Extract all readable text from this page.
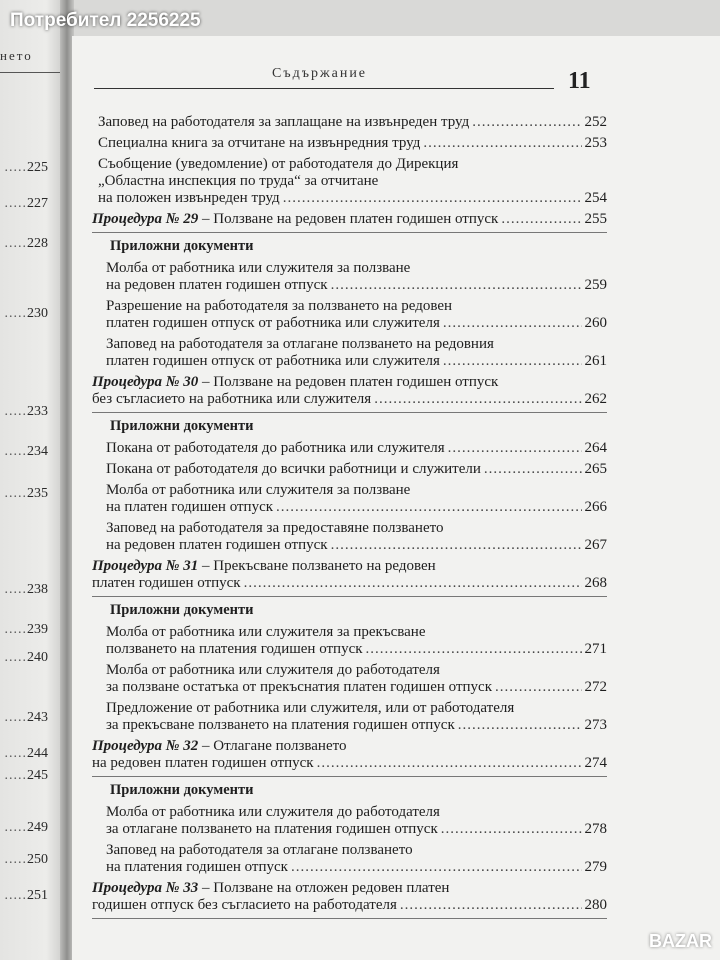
Потребител 2256225
нето
.....225
.....227
.....228
.....230
.....233
.....234
.....235
.....238
.....239
.....240
.....243
.....244
.....245
.....249
.....250
.....251
Съдържание	11
Заповед на работодателя за заплащане на извънреден труд .....	252
Специална книга за отчитане на извънредния труд .....	253
Съобщение (уведомление) от работодателя до Дирекция
„Областна инспекция по труда“ за отчитане
на положен извънреден труд .....	254
Процедура № 29 – Ползване на редовен платен годишен отпуск .....	255
Приложни документи
Молба от работника или служителя за ползване
на редовен платен годишен отпуск .....	259
Разрешение на работодателя за ползването на редовен
платен годишен отпуск от работника или служителя .....	260
Заповед на работодателя за отлагане ползването на редовния
платен годишен отпуск от работника или служителя .....	261
Процедура № 30 – Ползване на редовен платен годишен отпуск
без съгласието на работника или служителя .....	262
Приложни документи
Покана от работодателя до работника или служителя .....	264
Покана от работодателя до всички работници и служители .....	265
Молба от работника или служителя за ползване
на платен годишен отпуск .....	266
Заповед на работодателя за предоставяне ползването
на редовен платен годишен отпуск .....	267
Процедура № 31 – Прекъсване ползването на редовен
платен годишен отпуск .....	268
Приложни документи
Молба от работника или служителя за прекъсване
ползването на платения годишен отпуск .....	271
Молба от работника или служителя до работодателя
за ползване остатъка от прекъснатия платен годишен отпуск .....	272
Предложение от работника или служителя, или от работодателя
за прекъсване ползването на платения годишен отпуск .....	273
Процедура № 32 – Отлагане ползването
на редовен платен годишен отпуск .....	274
Приложни документи
Молба от работника или служителя до работодателя
за отлагане ползването на платения годишен отпуск .....	278
Заповед на работодателя за отлагане ползването
на платения годишен отпуск .....	279
Процедура № 33 – Ползване на отложен редовен платен
годишен отпуск без съгласието на работодателя .....	280
BAZAR
